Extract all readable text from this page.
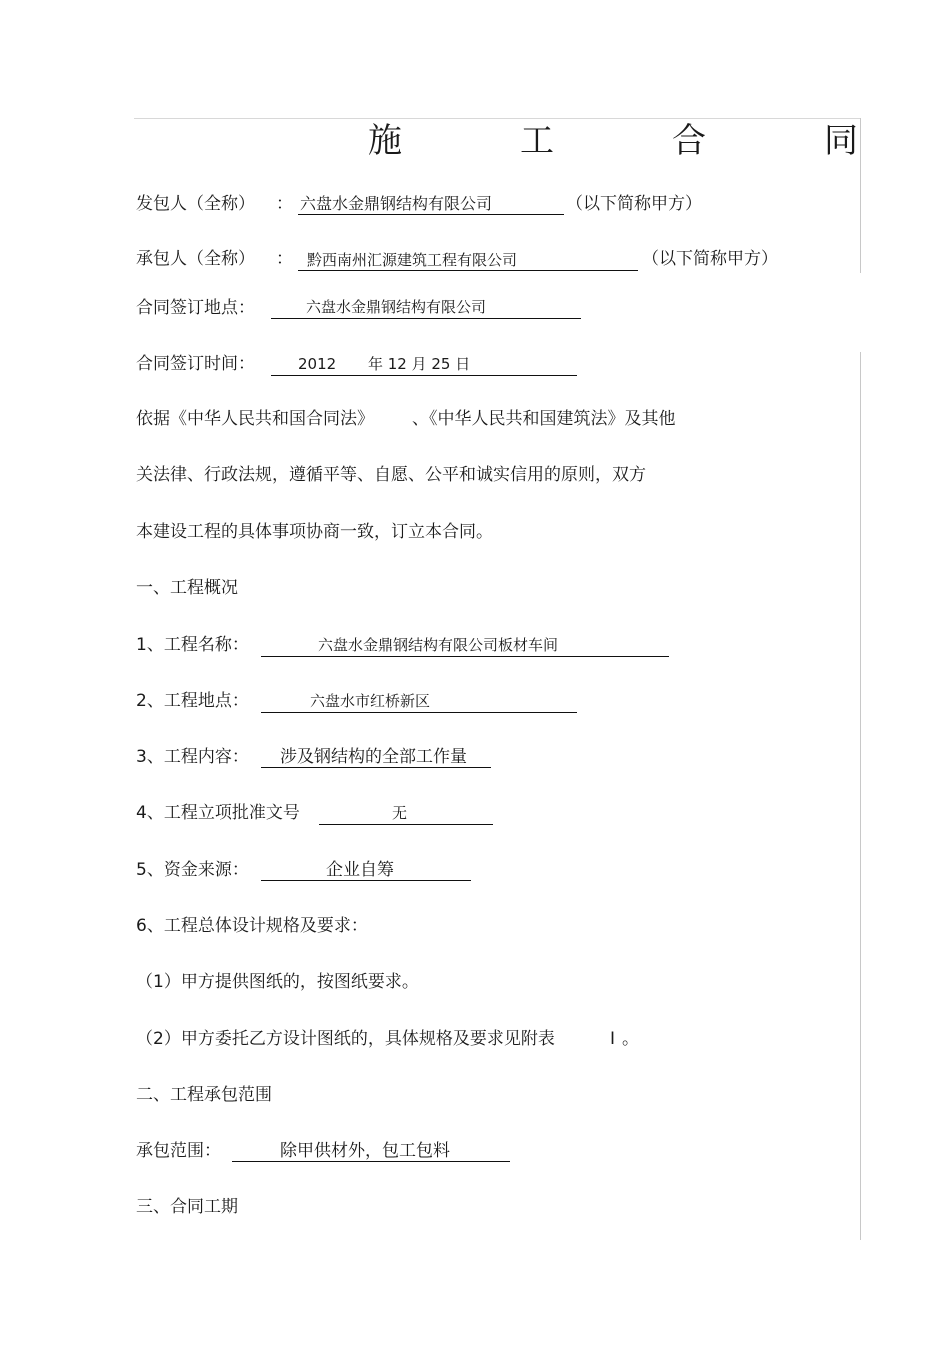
施	工	合	同
发包人（全称） ： 六盘水金鼎钢结构有限公司	（以下简称甲方）
承包人（全称） ： 黔西南州汇源建筑工程有限公司	（以下简称甲方）
合同签订地点：	六盘水金鼎钢结构有限公司
合同签订时间：	2012 年 12 月 25 日
依据《中华人民共和国合同法》 、《中华人民共和国建筑法》及其他
关法律、行政法规，遵循平等、自愿、公平和诚实信用的原则，双方
本建设工程的具体事项协商一致，订立本合同。
一、工程概况
1、工程名称：	六盘水金鼎钢结构有限公司板材车间
2、工程地点：	六盘水市红桥新区
3、工程内容： 涉及钢结构的全部工作量
4、工程立项批准文号	无
5、资金来源：	企业自筹
6、工程总体设计规格及要求：
（1）甲方提供图纸的，按图纸要求。
（2）甲方委托乙方设计图纸的，具体规格及要求见附表	I 。
二、工程承包范围
承包范围：	除甲供材外，包工包料
三、合同工期
